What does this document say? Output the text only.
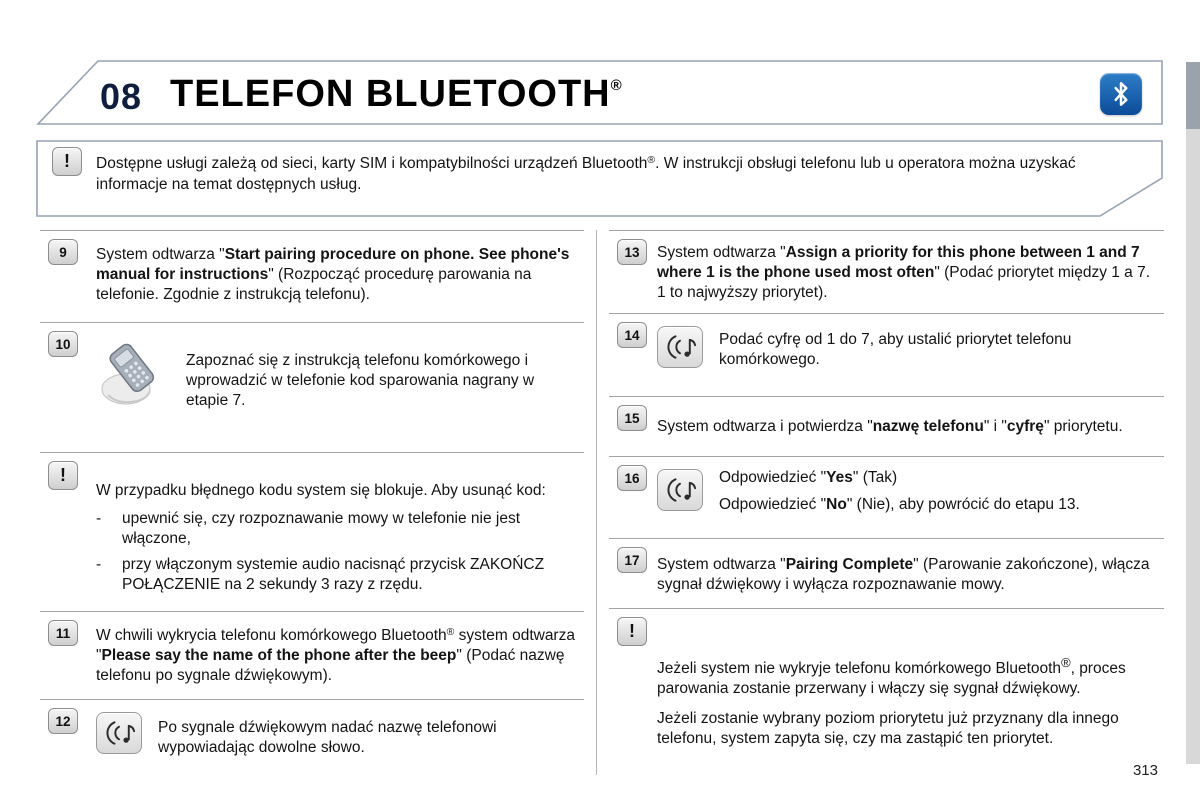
08 TELEFON BLUETOOTH®
!	Dostępne usługi zależą od sieci, karty SIM i kompatybilności urządzeń Bluetooth®. W instrukcji obsługi telefonu lub u operatora można uzyskać informacje na temat dostępnych usług.

9	System odtwarza "Start pairing procedure on phone. See phone's manual for instructions" (Rozpocząć procedurę parowania na telefonie. Zgodnie z instrukcją telefonu).

10

Zapoznać się z instrukcją telefonu komórkowego i wprowadzić w telefonie kod sparowania nagrany w etapie 7.

!

W przypadku błędnego kodu system się blokuje. Aby usunąć kod:

-	upewnić się, czy rozpoznawanie mowy w telefonie nie jest włączone,

-	przy włączonym systemie audio nacisnąć przycisk ZAKOŃCZ POŁĄCZENIE na 2 sekundy 3 razy z rzędu.

11	W chwili wykrycia telefonu komórkowego Bluetooth® system odtwarza "Please say the name of the phone after the beep" (Podać nazwę telefonu po sygnale dźwiękowym).

12	Po sygnale dźwiękowym nadać nazwę telefonowi wypowiadając dowolne słowo.

13	System odtwarza "Assign a priority for this phone between 1 and 7 where 1 is the phone used most often" (Podać priorytet między 1 a 7. 1 to najwyższy priorytet).

14	Podać cyfrę od 1 do 7, aby ustalić priorytet telefonu komórkowego.

15	System odtwarza i potwierdza "nazwę telefonu" i "cyfrę" priorytetu.

16	Odpowiedzieć "Yes" (Tak)

Odpowiedzieć "No" (Nie), aby powrócić do etapu 13.

17	System odtwarza "Pairing Complete" (Parowanie zakończone), włącza sygnał dźwiękowy i wyłącza rozpoznawanie mowy.

!

Jeżeli system nie wykryje telefonu komórkowego Bluetooth®, proces parowania zostanie przerwany i włączy się sygnał dźwiękowy.

Jeżeli zostanie wybrany poziom priorytetu już przyznany dla innego telefonu, system zapyta się, czy ma zastąpić ten priorytet.

313
